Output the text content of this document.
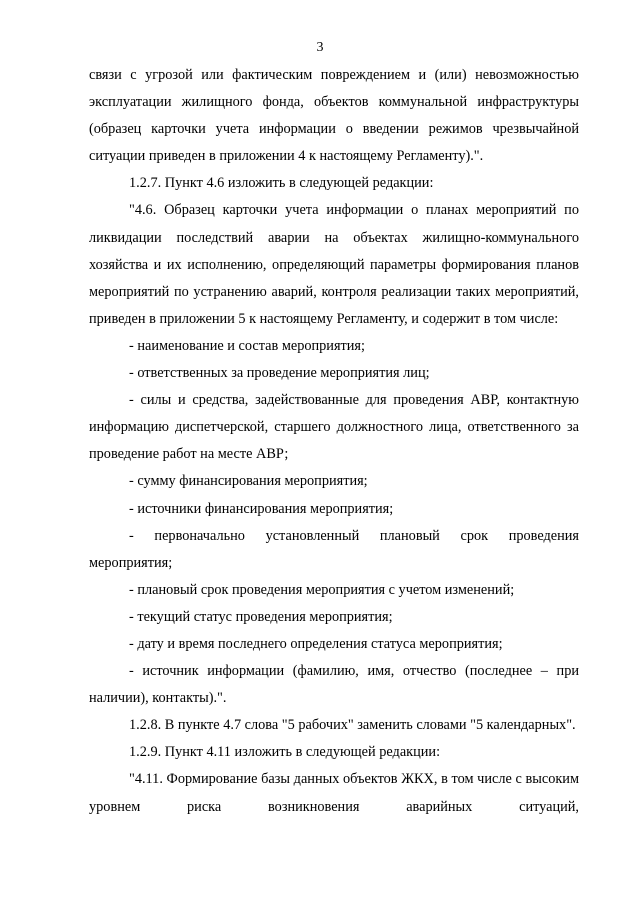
3

связи с угрозой или фактическим повреждением и (или) невозможностью эксплуатации жилищного фонда, объектов коммунальной инфраструктуры (образец карточки учета информации о введении режимов чрезвычайной ситуации приведен в приложении 4 к настоящему Регламенту).".

1.2.7. Пункт 4.6 изложить в следующей редакции:

"4.6. Образец карточки учета информации о планах мероприятий по ликвидации последствий аварии на объектах жилищно-коммунального хозяйства и их исполнению, определяющий параметры формирования планов мероприятий по устранению аварий, контроля реализации таких мероприятий, приведен в приложении 5 к настоящему Регламенту, и содержит в том числе:

- наименование и состав мероприятия;

- ответственных за проведение мероприятия лиц;

- силы и средства, задействованные для проведения АВР, контактную информацию диспетчерской, старшего должностного лица, ответственного за проведение работ на месте АВР;

- сумму финансирования мероприятия;

- источники финансирования мероприятия;

- первоначально установленный плановый срок проведения мероприятия;

- плановый срок проведения мероприятия с учетом изменений;

- текущий статус проведения мероприятия;

- дату и время последнего определения статуса мероприятия;

- источник информации (фамилию, имя, отчество (последнее – при наличии), контакты).".

1.2.8. В пункте 4.7 слова "5 рабочих" заменить словами "5 календарных".

1.2.9. Пункт 4.11 изложить в следующей редакции:

"4.11. Формирование базы данных объектов ЖКХ, в том числе с высоким уровнем риска возникновения аварийных ситуаций,
